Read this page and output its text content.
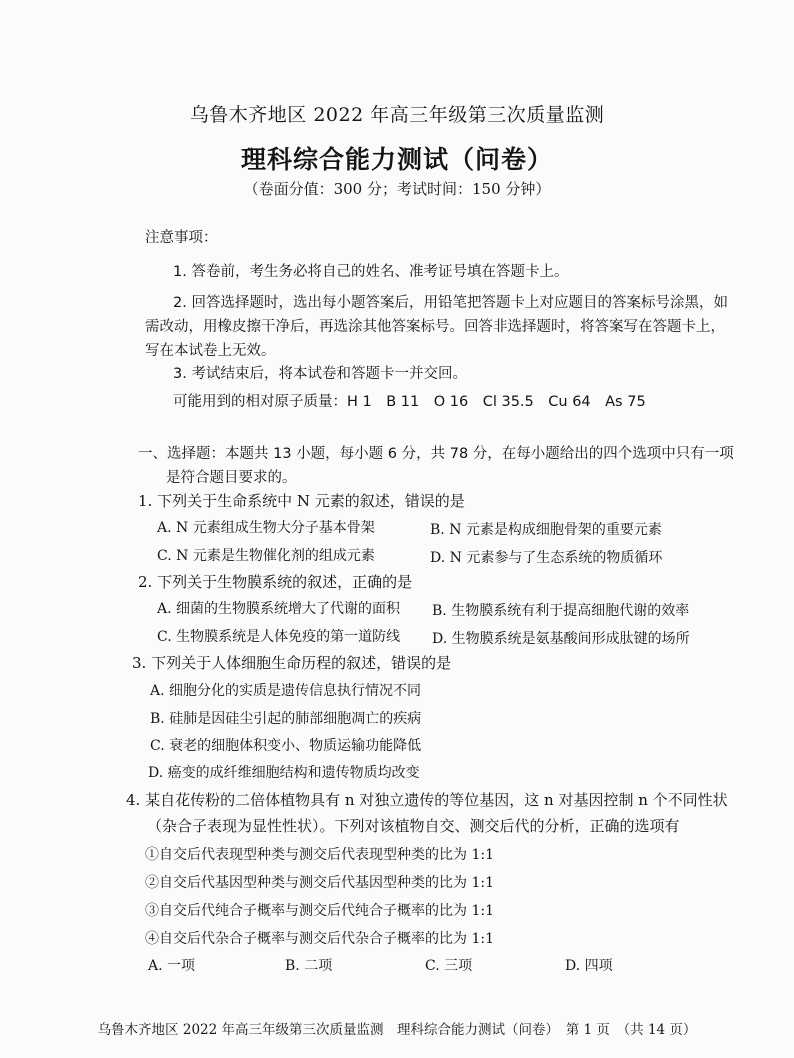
乌鲁木齐地区 2022 年高三年级第三次质量监测
理科综合能力测试（问卷）
（卷面分值：300 分；考试时间：150 分钟）
注意事项：
1. 答卷前，考生务必将自己的姓名、准考证号填在答题卡上。
2. 回答选择题时，选出每小题答案后，用铅笔把答题卡上对应题目的答案标号涂黑，如
需改动，用橡皮擦干净后，再选涂其他答案标号。回答非选择题时，将答案写在答题卡上，
写在本试卷上无效。
3. 考试结束后，将本试卷和答题卡一并交回。
可能用到的相对原子质量：H 1　B 11　O 16　Cl 35.5　Cu 64　As 75
一、选择题：本题共 13 小题，每小题 6 分，共 78 分，在每小题给出的四个选项中只有一项
是符合题目要求的。
1. 下列关于生命系统中 N 元素的叙述，错误的是
A. N 元素组成生物大分子基本骨架	B. N 元素是构成细胞骨架的重要元素
C. N 元素是生物催化剂的组成元素	D. N 元素参与了生态系统的物质循环
2. 下列关于生物膜系统的叙述，正确的是
A. 细菌的生物膜系统增大了代谢的面积 B. 生物膜系统有利于提高细胞代谢的效率
C. 生物膜系统是人体免疫的第一道防线 D. 生物膜系统是氨基酸间形成肽键的场所
3. 下列关于人体细胞生命历程的叙述，错误的是
A. 细胞分化的实质是遗传信息执行情况不同
B. 硅肺是因硅尘引起的肺部细胞凋亡的疾病
C. 衰老的细胞体积变小、物质运输功能降低
D. 癌变的成纤维细胞结构和遗传物质均改变
4. 某自花传粉的二倍体植物具有 n 对独立遗传的等位基因，这 n 对基因控制 n 个不同性状
（杂合子表现为显性性状）。下列对该植物自交、测交后代的分析，正确的选项有
①自交后代表现型种类与测交后代表现型种类的比为 1:1
②自交后代基因型种类与测交后代基因型种类的比为 1:1
③自交后代纯合子概率与测交后代纯合子概率的比为 1:1
④自交后代杂合子概率与测交后代杂合子概率的比为 1:1
A. 一项	B. 二项	C. 三项	D. 四项
乌鲁木齐地区 2022 年高三年级第三次质量监测　理科综合能力测试（问卷）　第 1 页　（共 14 页）
